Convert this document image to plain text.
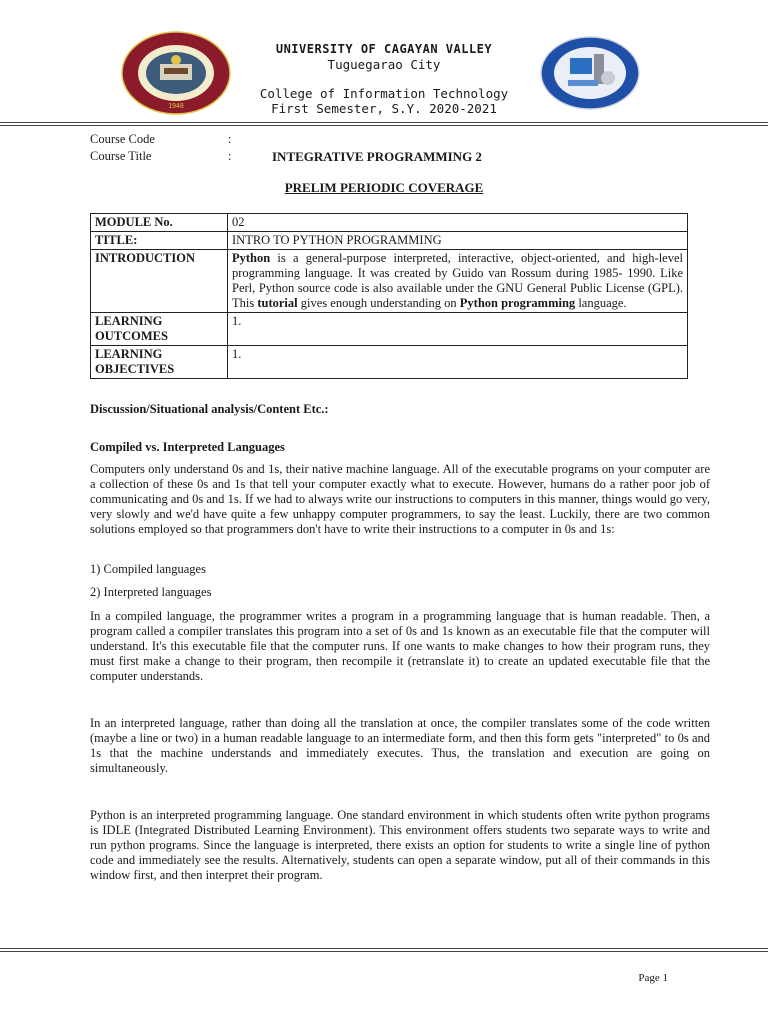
1948
UNIVERSITY OF CAGAYAN VALLEY
Tuguegarao City
College of Information Technology
First Semester, S.Y. 2020-2021
Course Code	:
Course Title	:	INTEGRATIVE PROGRAMMING 2
PRELIM PERIODIC COVERAGE
MODULE No.	02
TITLE:	INTRO TO PYTHON PROGRAMMING
INTRODUCTION	Python is a general-purpose interpreted, interactive, object-oriented, and high-level programming language. It was created by Guido van Rossum during 1985- 1990. Like Perl, Python source code is also available under the GNU General Public License (GPL). This tutorial gives enough understanding on Python programming language.
LEARNING OUTCOMES	1.
LEARNING OBJECTIVES	1.
Discussion/Situational analysis/Content Etc.:
Compiled vs. Interpreted Languages
Computers only understand 0s and 1s, their native machine language. All of the executable programs on your computer are a collection of these 0s and 1s that tell your computer exactly what to execute. However, humans do a rather poor job of communicating and 0s and 1s. If we had to always write our instructions to computers in this manner, things would go very, very slowly and we'd have quite a few unhappy computer programmers, to say the least. Luckily, there are two common solutions employed so that programmers don't have to write their instructions to a computer in 0s and 1s:
1) Compiled languages
2) Interpreted languages
In a compiled language, the programmer writes a program in a programming language that is human readable. Then, a program called a compiler translates this program into a set of 0s and 1s known as an executable file that the computer will understand. It's this executable file that the computer runs. If one wants to make changes to how their program runs, they must first make a change to their program, then recompile it (retranslate it) to create an updated executable file that the computer understands.
In an interpreted language, rather than doing all the translation at once, the compiler translates some of the code written (maybe a line or two) in a human readable language to an intermediate form, and then this form gets "interpreted" to 0s and 1s that the machine understands and immediately executes. Thus, the translation and execution are going on simultaneously.
Python is an interpreted programming language. One standard environment in which students often write python programs is IDLE (Integrated Distributed Learning Environment). This environment offers students two separate ways to write and run python programs. Since the language is interpreted, there exists an option for students to write a single line of python code and immediately see the results. Alternatively, students can open a separate window, put all of their commands in this window first, and then interpret their program.
Page 1
